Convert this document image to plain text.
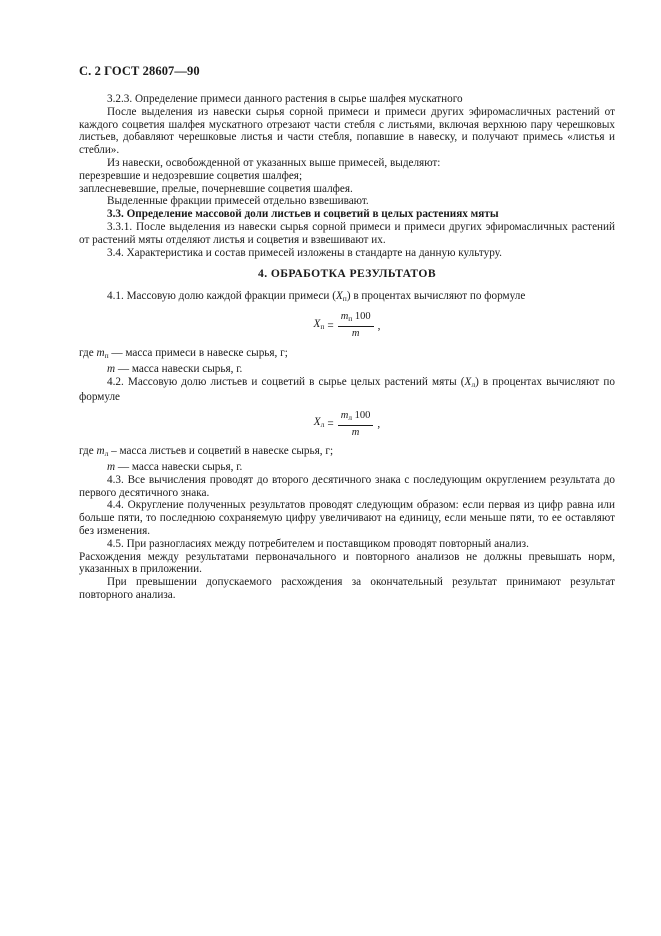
С. 2 ГОСТ 28607—90

3.2.3. Определение примеси данного растения в сырье шалфея мускатного

После выделения из навески сырья сорной примеси и примеси других эфиромасличных растений от каждого соцветия шалфея мускатного отрезают части стебля с листьями, включая верхнюю пару черешковых листьев, добавляют черешковые листья и части стебля, попавшие в навеску, и получают примесь «листья и стебли».

Из навески, освобожденной от указанных выше примесей, выделяют:

перезревшие и недозревшие соцветия шалфея;

заплесневевшие, прелые, почерневшие соцветия шалфея.

Выделенные фракции примесей отдельно взвешивают.

3.3. Определение массовой доли листьев и соцветий в целых растениях мяты

3.3.1. После выделения из навески сырья сорной примеси и примеси других эфиромасличных растений от растений мяты отделяют листья и соцветия и взвешивают их.

3.4. Характеристика и состав примесей изложены в стандарте на данную культуру.

4. ОБРАБОТКА РЕЗУЛЬТАТОВ

4.1. Массовую долю каждой фракции примеси $(X_п)$ в процентах вычисляют по формуле

$X_п = \frac{m_п 100}{m}$ ,

где $m_п$ — масса примеси в навеске сырья, г;

m — масса навески сырья, г.

4.2. Массовую долю листьев и соцветий в сырье целых растений мяты $(X_л)$ в процентах вычисляют по формуле

$X_л = \frac{m_л 100}{m}$ ,

где $m_л$ – масса листьев и соцветий в навеске сырья, г;

m — масса навески сырья, г.

4.3. Все вычисления проводят до второго десятичного знака с последующим округлением результата до первого десятичного знака.

4.4. Округление полученных результатов проводят следующим образом: если первая из цифр равна или больше пяти, то последнюю сохраняемую цифру увеличивают на единицу, если меньше пяти, то ее оставляют без изменения.

4.5. При разногласиях между потребителем и поставщиком проводят повторный анализ.

Расхождения между результатами первоначального и повторного анализов не должны превышать норм, указанных в приложении.

При превышении допускаемого расхождения за окончательный результат принимают результат повторного анализа.
